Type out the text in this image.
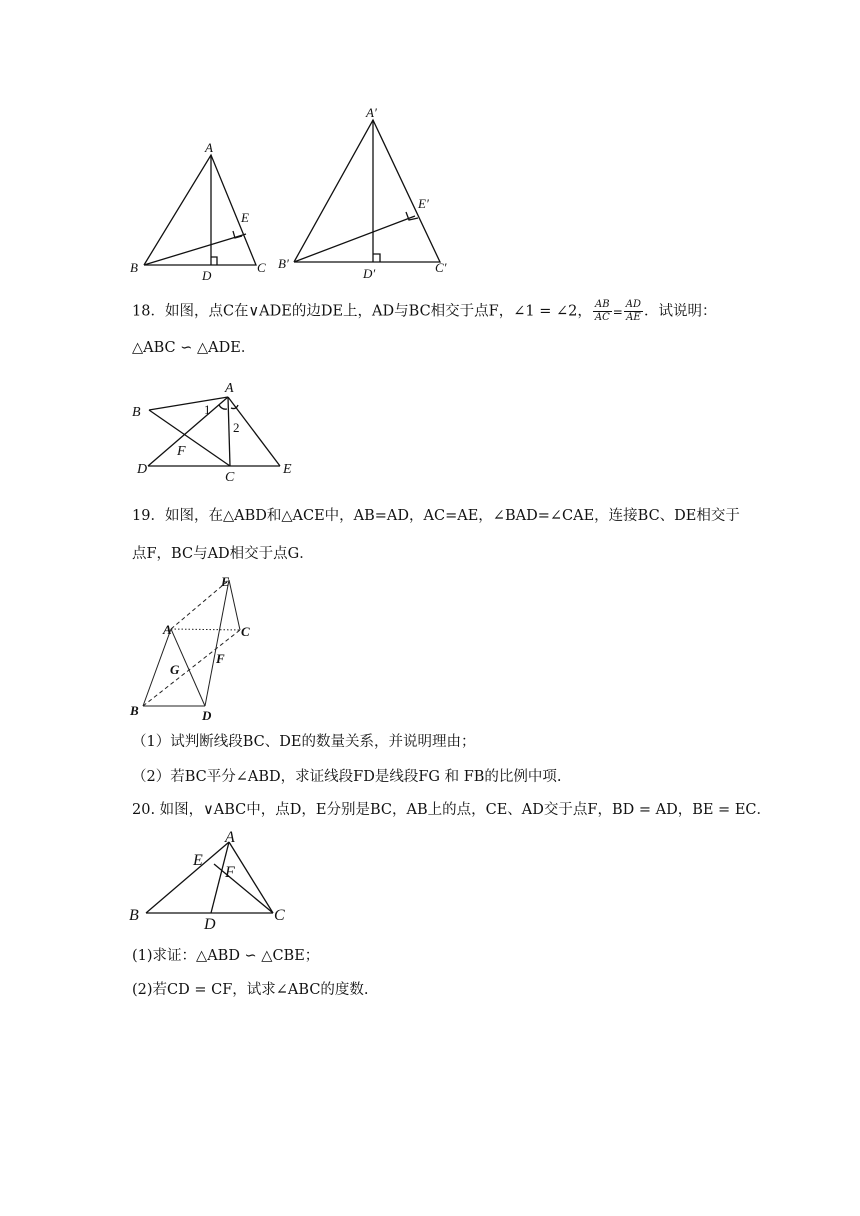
A
B	C
D
E
A′
B′	C′
D′
E′
18．如图，点C在∨ADE的边DE上，AD与BC相交于点F，∠1 = ∠2， $\frac{AB}{AC} = \frac{AD}{AE}$ ．试说明：
△ABC ∽ △ADE．
A
B
C
D	E
F
1
2
19．如图，在△ABD和△ACE中，AB=AD，AC=AE，∠BAD=∠CAE，连接BC、DE相交于
点F，BC与AD相交于点G．
A
B
C
D
E
F
G
（1）试判断线段BC、DE的数量关系，并说明理由；
（2）若BC平分∠ABD，求证线段FD是线段FG 和 FB的比例中项.
20. 如图，∨ABC中，点D，E分别是BC，AB上的点，CE、AD交于点F，BD = AD，BE = EC．
A
B	C
D
E
F
(1)求证：△ABD ∽ △CBE；
(2)若CD = CF，试求∠ABC的度数.
